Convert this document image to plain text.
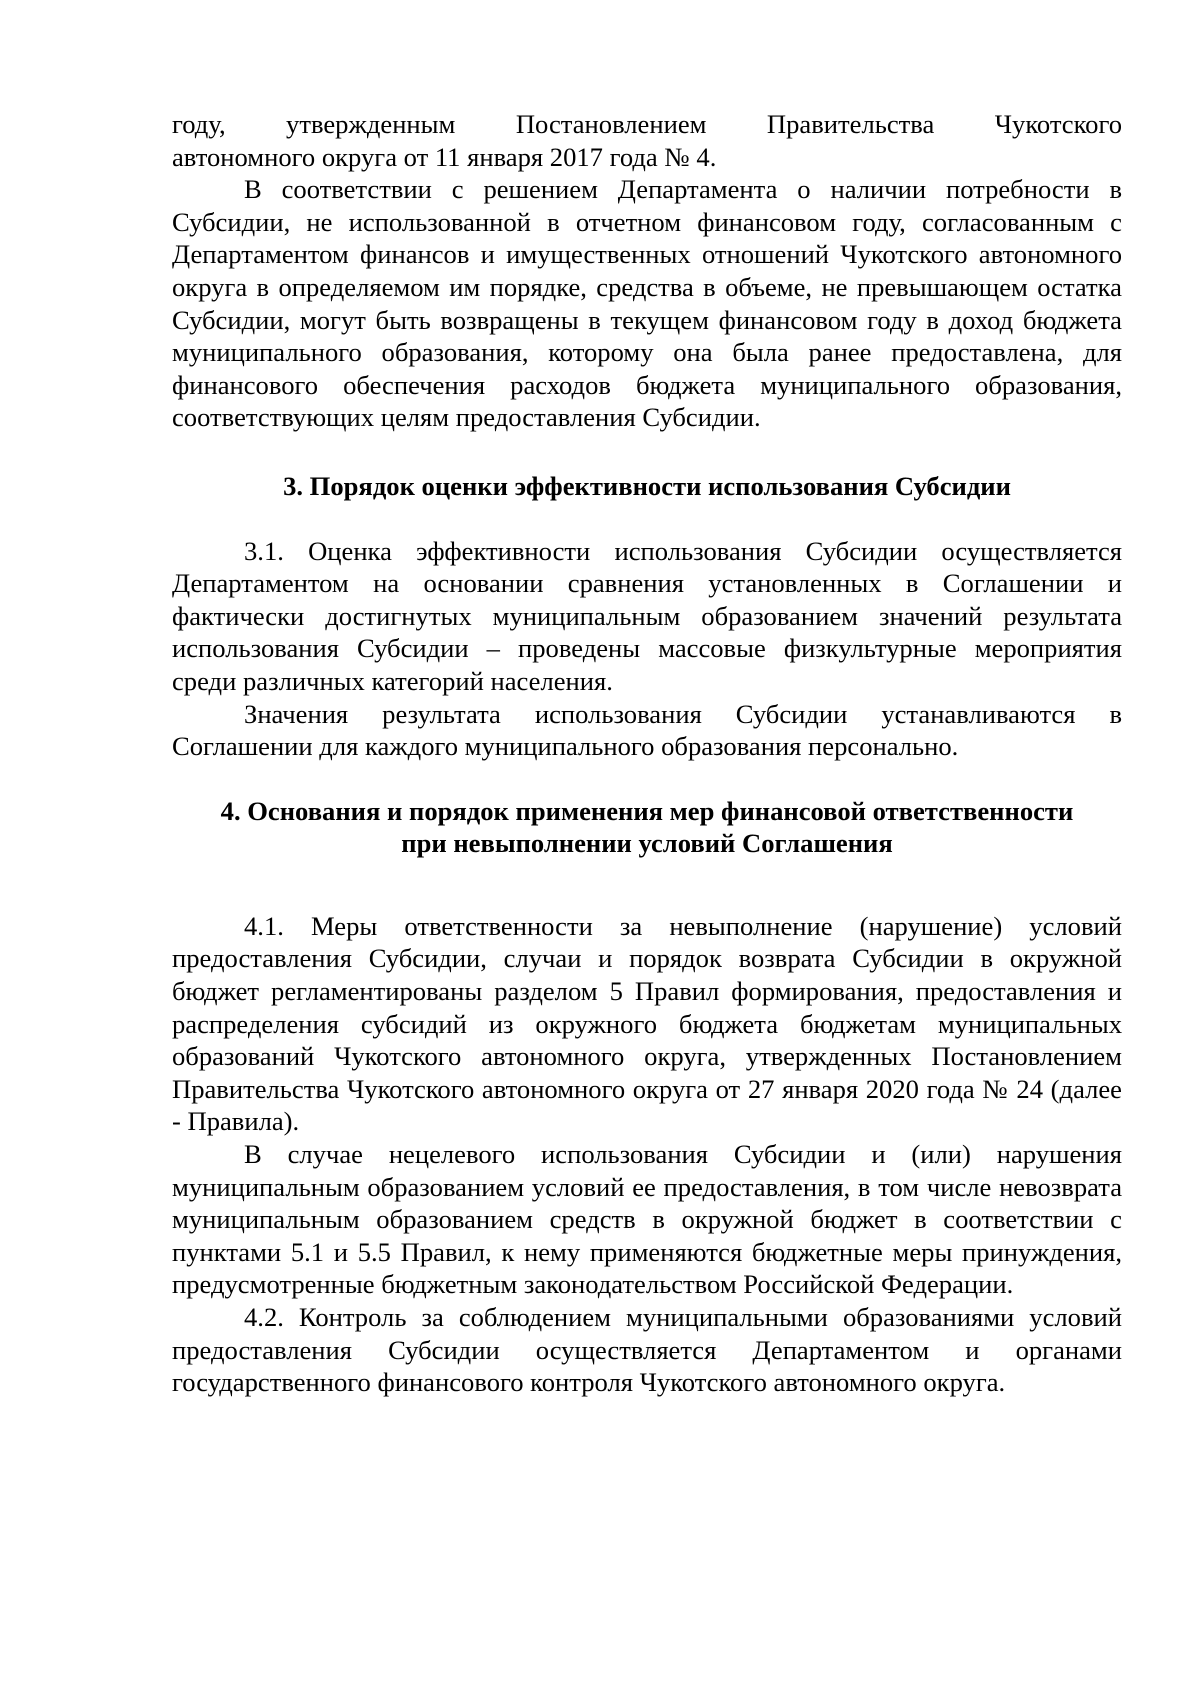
году, утвержденным Постановлением Правительства Чукотского
автономного округа от 11 января 2017 года № 4.

В соответствии с решением Департамента о наличии потребности в Субсидии, не использованной в отчетном финансовом году, согласованным с Департаментом финансов и имущественных отношений Чукотского автономного округа в определяемом им порядке, средства в объеме, не превышающем остатка Субсидии, могут быть возвращены в текущем финансовом году в доход бюджета муниципального образования, которому она была ранее предоставлена, для финансового обеспечения расходов бюджета муниципального образования, соответствующих целям предоставления Субсидии.

3. Порядок оценки эффективности использования Субсидии

3.1. Оценка эффективности использования Субсидии осуществляется Департаментом на основании сравнения установленных в Соглашении и фактически достигнутых муниципальным образованием значений результата использования Субсидии – проведены массовые физкультурные мероприятия среди различных категорий населения.

Значения результата использования Субсидии устанавливаются в Соглашении для каждого муниципального образования персонально.

4. Основания и порядок применения мер финансовой ответственности
при невыполнении условий Соглашения

4.1. Меры ответственности за невыполнение (нарушение) условий предоставления Субсидии, случаи и порядок возврата Субсидии в окружной бюджет регламентированы разделом 5 Правил формирования, предоставления и распределения субсидий из окружного бюджета бюджетам муниципальных образований Чукотского автономного округа, утвержденных Постановлением Правительства Чукотского автономного округа от 27 января 2020 года № 24 (далее - Правила).

В случае нецелевого использования Субсидии и (или) нарушения муниципальным образованием условий ее предоставления, в том числе невозврата муниципальным образованием средств в окружной бюджет в соответствии с пунктами 5.1 и 5.5 Правил, к нему применяются бюджетные меры принуждения, предусмотренные бюджетным законодательством Российской Федерации.

4.2. Контроль за соблюдением муниципальными образованиями условий предоставления Субсидии осуществляется Департаментом и органами государственного финансового контроля Чукотского автономного округа.
